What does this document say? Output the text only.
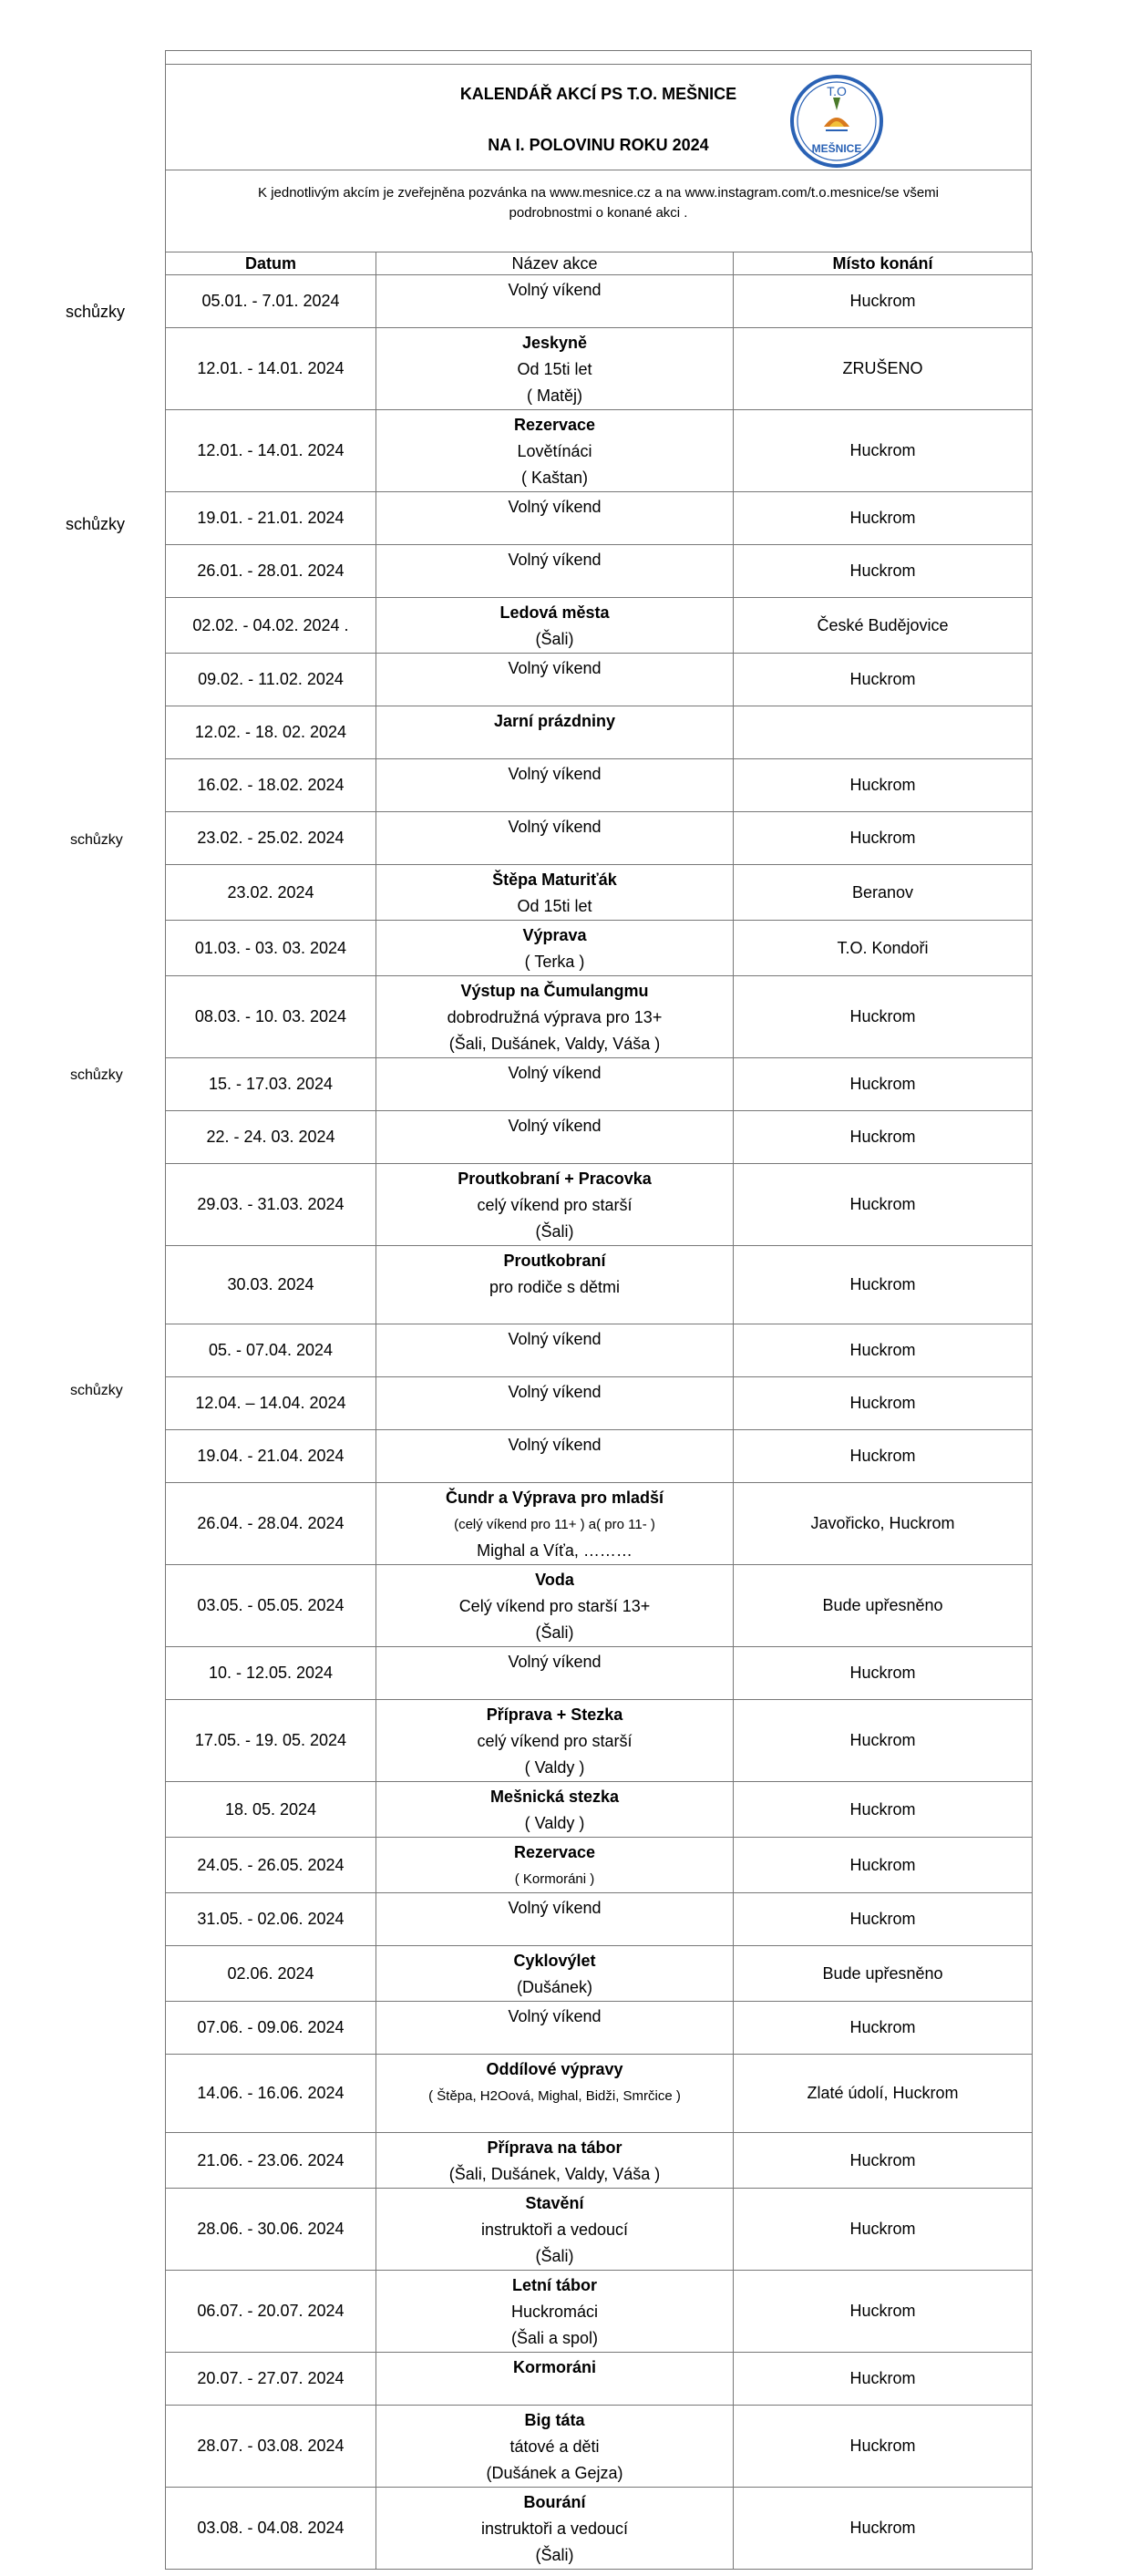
schůzky
schůzky
schůzky
schůzky
schůzky
KALENDÁŘ AKCÍ PS T.O. MEŠNICE
NA I. POLOVINU ROKU 2024
T.O
MEŠNICE
K jednotlivým akcím je zveřejněna pozvánka na www.mesnice.cz a na www.instagram.com/t.o.mesnice/se všemi
podrobnostmi o konané akci .
Datum	Název akce	Místo konání
05.01. - 7.01. 2024	Volný víkend	Huckrom
12.01. - 14.01. 2024	Jeskyně
Od 15ti let
( Matěj)	ZRUŠENO
12.01. - 14.01. 2024	Rezervace
Lovětínáci
( Kaštan)	Huckrom
19.01. - 21.01. 2024	Volný víkend	Huckrom
26.01. - 28.01. 2024	Volný víkend	Huckrom
02.02. - 04.02. 2024 .	Ledová města
(Šali)	České Budějovice
09.02. - 11.02. 2024	Volný víkend	Huckrom
12.02. - 18. 02. 2024	Jarní prázdniny	

16.02. - 18.02. 2024	Volný víkend	Huckrom
23.02. - 25.02. 2024	Volný víkend	Huckrom
23.02. 2024	Štěpa Maturiťák
Od 15ti let	Beranov
01.03. - 03. 03. 2024	Výprava
( Terka )	T.O. Kondoři
08.03. - 10. 03. 2024	Výstup na Čumulangmu
dobrodružná výprava pro 13+
(Šali, Dušánek, Valdy, Váša )	Huckrom
15. - 17.03. 2024	Volný víkend	Huckrom
22. - 24. 03. 2024	Volný víkend	Huckrom
29.03. - 31.03. 2024	Proutkobraní + Pracovka
celý víkend pro starší
(Šali)	Huckrom
30.03. 2024	Proutkobraní
pro rodiče s dětmi	Huckrom
05. - 07.04. 2024	Volný víkend	Huckrom
12.04. – 14.04. 2024	Volný víkend	Huckrom
19.04. - 21.04. 2024	Volný víkend	Huckrom
26.04. - 28.04. 2024	Čundr a Výprava pro mladší
(celý víkend pro 11+ ) a( pro 11- )
Mighal a Víťa, ………	Javořicko, Huckrom
03.05. - 05.05. 2024	Voda
Celý víkend pro starší 13+
(Šali)	Bude upřesněno
10. - 12.05. 2024	Volný víkend	Huckrom
17.05. - 19. 05. 2024	Příprava + Stezka
celý víkend pro starší
( Valdy )	Huckrom
18. 05. 2024	Mešnická stezka
( Valdy )	Huckrom
24.05. - 26.05. 2024	Rezervace
( Kormoráni )	Huckrom
31.05. - 02.06. 2024	Volný víkend	Huckrom
02.06. 2024	Cyklovýlet
(Dušánek)	Bude upřesněno
07.06. - 09.06. 2024	Volný víkend	Huckrom
14.06. - 16.06. 2024	Oddílové výpravy
( Štěpa, H2Oová, Mighal, Bidži, Smrčice )	Zlaté údolí, Huckrom
21.06. - 23.06. 2024	Příprava na tábor
(Šali, Dušánek, Valdy, Váša )	Huckrom
28.06. - 30.06. 2024	Stavění
instruktoři a vedoucí
(Šali)	Huckrom
06.07. - 20.07. 2024	Letní tábor
Huckromáci
(Šali a spol)	Huckrom
20.07. - 27.07. 2024	Kormoráni	Huckrom
28.07. - 03.08. 2024	Big táta
tátové a děti
(Dušánek a Gejza)	Huckrom
03.08. - 04.08. 2024	Bourání
instruktoři a vedoucí
(Šali)	Huckrom
